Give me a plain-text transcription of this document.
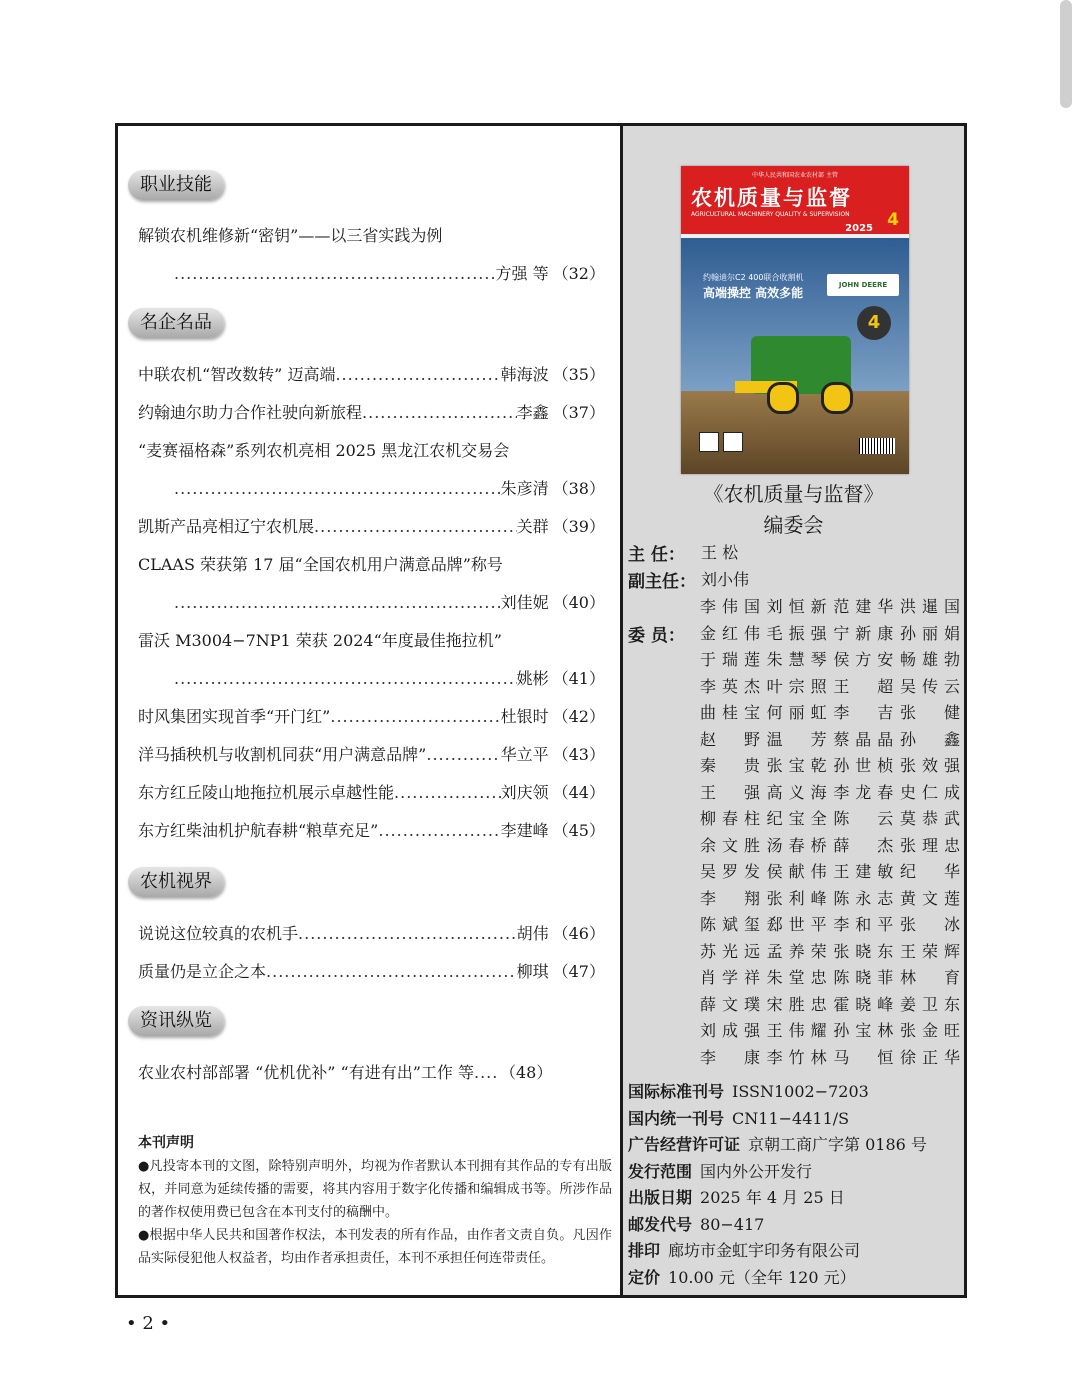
职业技能
解锁农机维修新“密钥”——以三省实践为例
.....
方强 等 （32）
名企名品
中联农机“智改数转” 迈高端 .....	韩海波 （35）
约翰迪尔助力合作社驶向新旅程 .....	李鑫 （37）
“麦赛福格森”系列农机亮相 2025 黑龙江农机交易会
.....
朱彦清 （38）
凯斯产品亮相辽宁农机展 .....	关群 （39）
CLAAS 荣获第 17 届“全国农机用户满意品牌”称号
.....
刘佳妮 （40）
雷沃 M3004−7NP1 荣获 2024“年度最佳拖拉机”
.....
姚彬 （41）
时风集团实现首季“开门红” .....	杜银时 （42）
洋马插秧机与收割机同获“用户满意品牌” .....	华立平 （43）
东方红丘陵山地拖拉机展示卓越性能 .....	刘庆领 （44）
东方红柴油机护航春耕“粮草充足” .....	李建峰 （45）
农机视界
说说这位较真的农机手 .....	胡伟 （46）
质量仍是立企之本 .....	柳琪 （47）
资讯纵览
农业农村部部署 “优机优补” “有进有出”工作 等 ..... （48）
本刊声明
●凡投寄本刊的文图，除特别声明外，均视为作者默认本刊拥有其作品的专有出版权，并同意为延续传播的需要，将其内容用于数字化传播和编辑成书等。所涉作品的著作权使用费已包含在本刊支付的稿酬中。
●根据中华人民共和国著作权法，本刊发表的所有作品，由作者文责自负。凡因作品实际侵犯他人权益者，均由作者承担责任，本刊不承担任何连带责任。
中华人民共和国农业农村部 主管
农机质量与监督
AGRICULTURAL MACHINERY QUALITY & SUPERVISION
2025 4
约翰迪尔C2 400联合收割机
高端操控 高效多能
JOHN DEERE
4
《农机质量与监督》
编委会
主 任： 王 松
副主任： 刘小伟
委 员：
李伟国 刘恒新 范建华 洪暹国
金红伟 毛振强 宁新康 孙丽娟
于瑞莲 朱慧琴 侯方安 畅雄勃
李英杰 叶宗照 王 超 吴传云
曲桂宝 何丽虹 李 吉 张 健
赵 野 温 芳 蔡晶晶 孙 鑫
秦 贵 张宝乾 孙世桢 张效强
王 强 高义海 李龙春 史仁成
柳春柱 纪宝全 陈 云 莫恭武
余文胜 汤春桥 薛 杰 张理忠
吴罗发 侯献伟 王建敏 纪 华
李 翔 张利峰 陈永志 黄文莲
陈斌玺 郄世平 李和平 张 冰
苏光远 孟养荣 张晓东 王荣辉
肖学祥 朱堂忠 陈晓菲 林 育
薛文璞 宋胜忠 霍晓峰 姜卫东
刘成强 王伟耀 孙宝林 张金旺
李 康 李竹林 马 恒 徐正华
国际标准刊号 ISSN1002−7203
国内统一刊号 CN11−4411/S
广告经营许可证 京朝工商广字第 0186 号
发行范围 国内外公开发行
出版日期 2025 年 4 月 25 日
邮发代号 80−417
排印 廊坊市金虹宇印务有限公司
定价 10.00 元（全年 120 元）
• 2 •
